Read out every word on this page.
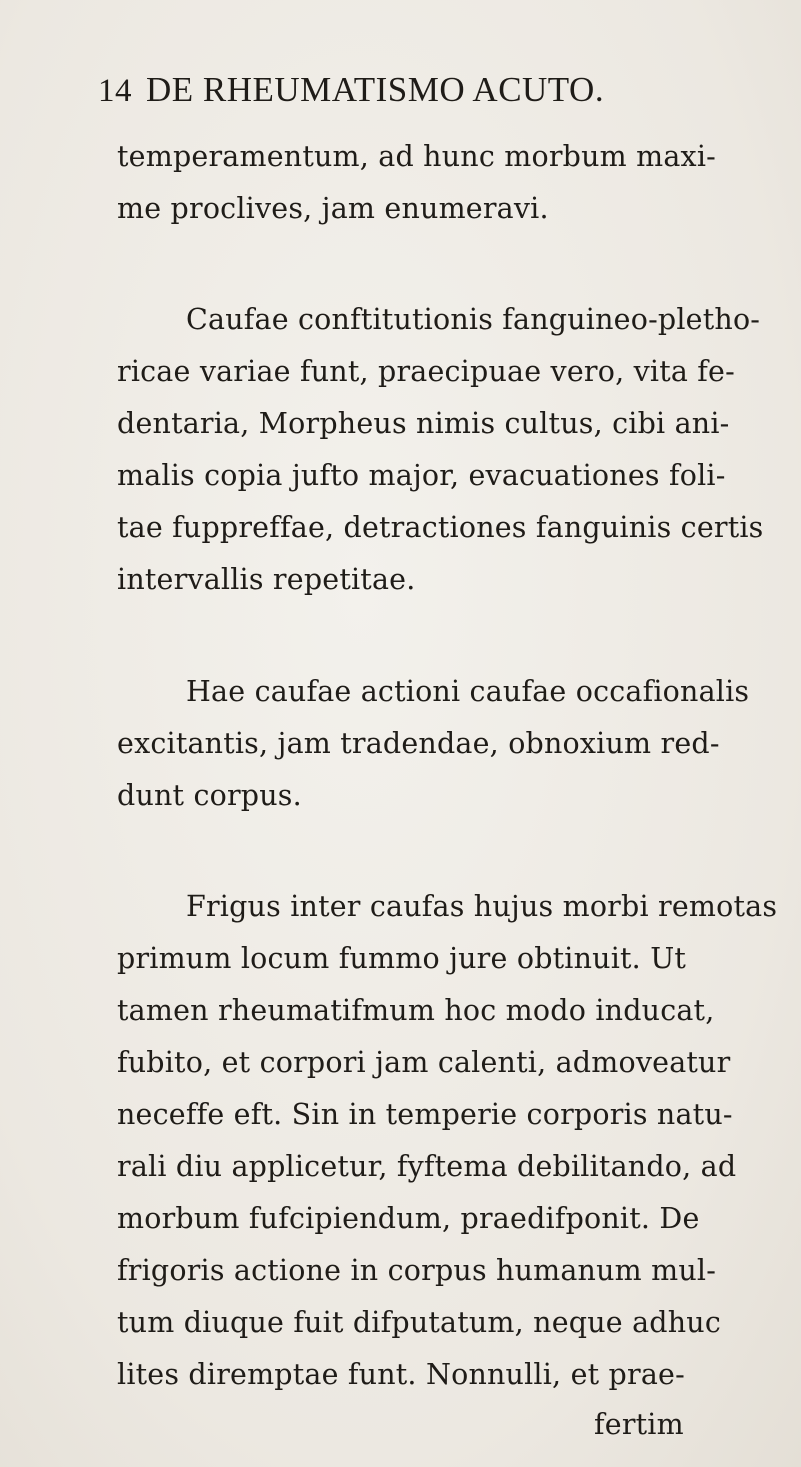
14 DE RHEUMATISMO ACUTO.
temperamentum, ad hunc morbum maxi-
me proclives, jam enumeravi.
Caufae conftitutionis fanguineo-pletho-
ricae variae funt, praecipuae vero, vita fe-
dentaria, Morpheus nimis cultus, cibi ani-
malis copia jufto major, evacuationes foli-
tae fuppreffae, detractiones fanguinis certis
intervallis repetitae.
Hae caufae actioni caufae occafionalis
excitantis, jam tradendae, obnoxium red-
dunt corpus.
Frigus inter caufas hujus morbi remotas
primum locum fummo jure obtinuit. Ut
tamen rheumatifmum hoc modo inducat,
fubito, et corpori jam calenti, admoveatur
neceffe eft. Sin in temperie corporis natu-
rali diu applicetur, fyftema debilitando, ad
morbum fufcipiendum, praedifponit. De
frigoris actione in corpus humanum mul-
tum diuque fuit difputatum, neque adhuc
lites diremptae funt. Nonnulli, et prae-
fertim
